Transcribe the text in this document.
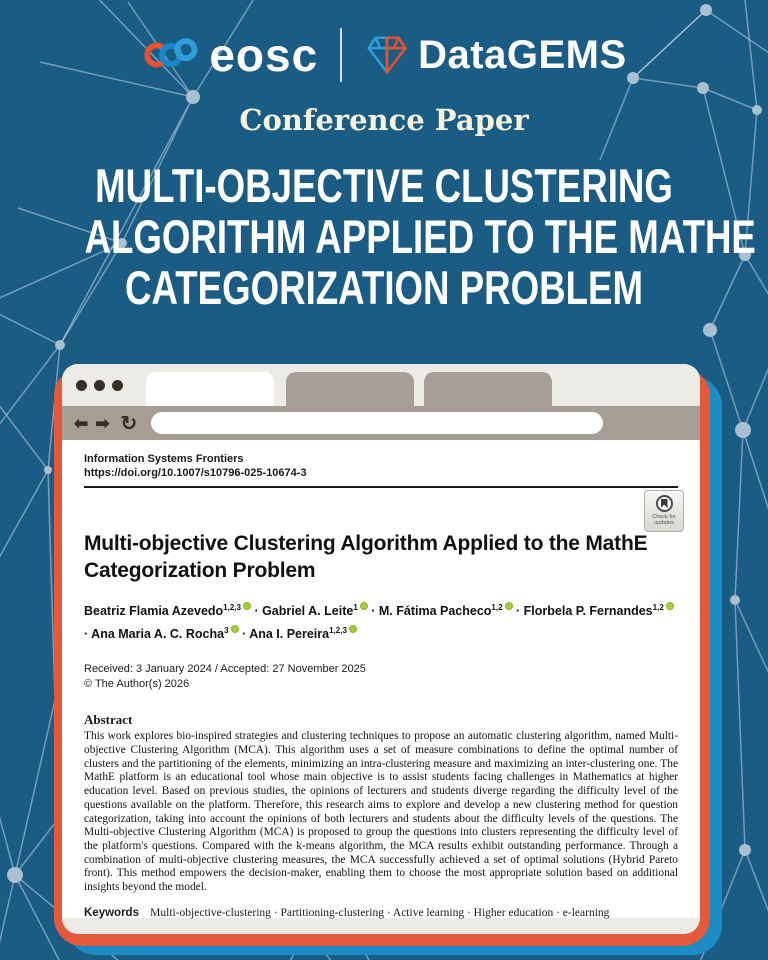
eosc	DataGEMS
Conference Paper
MULTI-OBJECTIVE CLUSTERING
ALGORITHM APPLIED TO THE MATHE
CATEGORIZATION PROBLEM
⬅ ➡ ↻
Information Systems Frontiers
https://doi.org/10.1007/s10796-025-10674-3
Check for updates
Multi-objective Clustering Algorithm Applied to the MathE Categorization Problem
Beatriz Flamia Azevedo$^{1,2,3}$ · Gabriel A. Leite$^1$ · M. Fátima Pacheco$^{1,2}$ · Florbela P. Fernandes$^{1,2}$ · Ana Maria A. C. Rocha$^3$ · Ana I. Pereira$^{1,2,3}$
Received: 3 January 2024 / Accepted: 27 November 2025
© The Author(s) 2026
Abstract
This work explores bio-inspired strategies and clustering techniques to propose an automatic clustering algorithm, named Multi-objective Clustering Algorithm (MCA). This algorithm uses a set of measure combinations to define the optimal number of clusters and the partitioning of the elements, minimizing an intra-clustering measure and maximizing an inter-clustering one. The MathE platform is an educational tool whose main objective is to assist students facing challenges in Mathematics at higher education level. Based on previous studies, the opinions of lecturers and students diverge regarding the difficulty level of the questions available on the platform. Therefore, this research aims to explore and develop a new clustering method for question categorization, taking into account the opinions of both lecturers and students about the difficulty levels of the questions. The Multi-objective Clustering Algorithm (MCA) is proposed to group the questions into clusters representing the difficulty level of the platform's questions. Compared with the k-means algorithm, the MCA results exhibit outstanding performance. Through a combination of multi-objective clustering measures, the MCA successfully achieved a set of optimal solutions (Hybrid Pareto front). This method empowers the decision-maker, enabling them to choose the most appropriate solution based on additional insights beyond the model.
Keywords Multi-objective-clustering · Partitioning-clustering · Active learning · Higher education · e-learning
